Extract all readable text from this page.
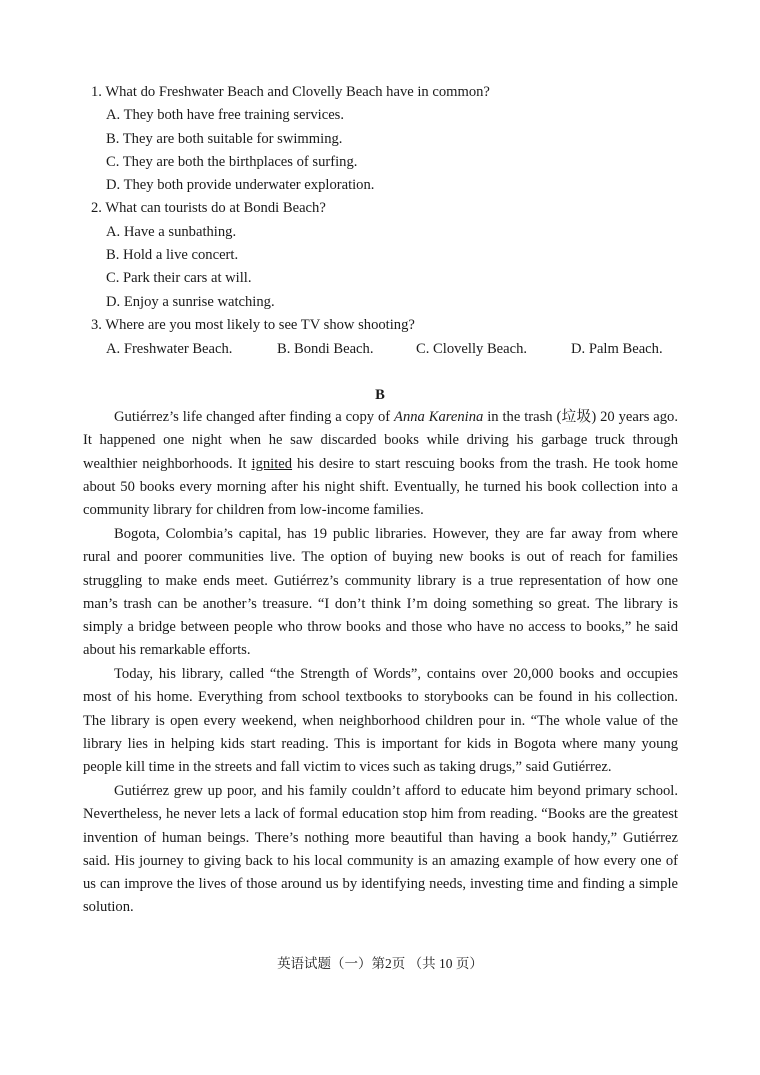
1. What do Freshwater Beach and Clovelly Beach have in common?
A. They both have free training services.
B. They are both suitable for swimming.
C. They are both the birthplaces of surfing.
D. They both provide underwater exploration.
2. What can tourists do at Bondi Beach?
A. Have a sunbathing.
B. Hold a live concert.
C. Park their cars at will.
D. Enjoy a sunrise watching.
3. Where are you most likely to see TV show shooting?
A. Freshwater Beach.	B. Bondi Beach.	C. Clovelly Beach.	D. Palm Beach.
B
Gutiérrez’s life changed after finding a copy of Anna Karenina in the trash (垃圾) 20 years ago. It happened one night when he saw discarded books while driving his garbage truck through wealthier neighborhoods. It ignited his desire to start rescuing books from the trash. He took home about 50 books every morning after his night shift. Eventually, he turned his book collection into a community library for children from low-income families.
Bogota, Colombia’s capital, has 19 public libraries. However, they are far away from where rural and poorer communities live. The option of buying new books is out of reach for families struggling to make ends meet. Gutiérrez’s community library is a true representation of how one man’s trash can be another’s treasure. “I don’t think I’m doing something so great. The library is simply a bridge between people who throw books and those who have no access to books,” he said about his remarkable efforts.
Today, his library, called “the Strength of Words”, contains over 20,000 books and occupies most of his home. Everything from school textbooks to storybooks can be found in his collection. The library is open every weekend, when neighborhood children pour in. “The whole value of the library lies in helping kids start reading. This is important for kids in Bogota where many young people kill time in the streets and fall victim to vices such as taking drugs,” said Gutiérrez.
Gutiérrez grew up poor, and his family couldn’t afford to educate him beyond primary school. Nevertheless, he never lets a lack of formal education stop him from reading. “Books are the greatest invention of human beings. There’s nothing more beautiful than having a book handy,” Gutiérrez said. His journey to giving back to his local community is an amazing example of how every one of us can improve the lives of those around us by identifying needs, investing time and finding a simple solution.
英语试题（一）第2页 （共 10 页）
